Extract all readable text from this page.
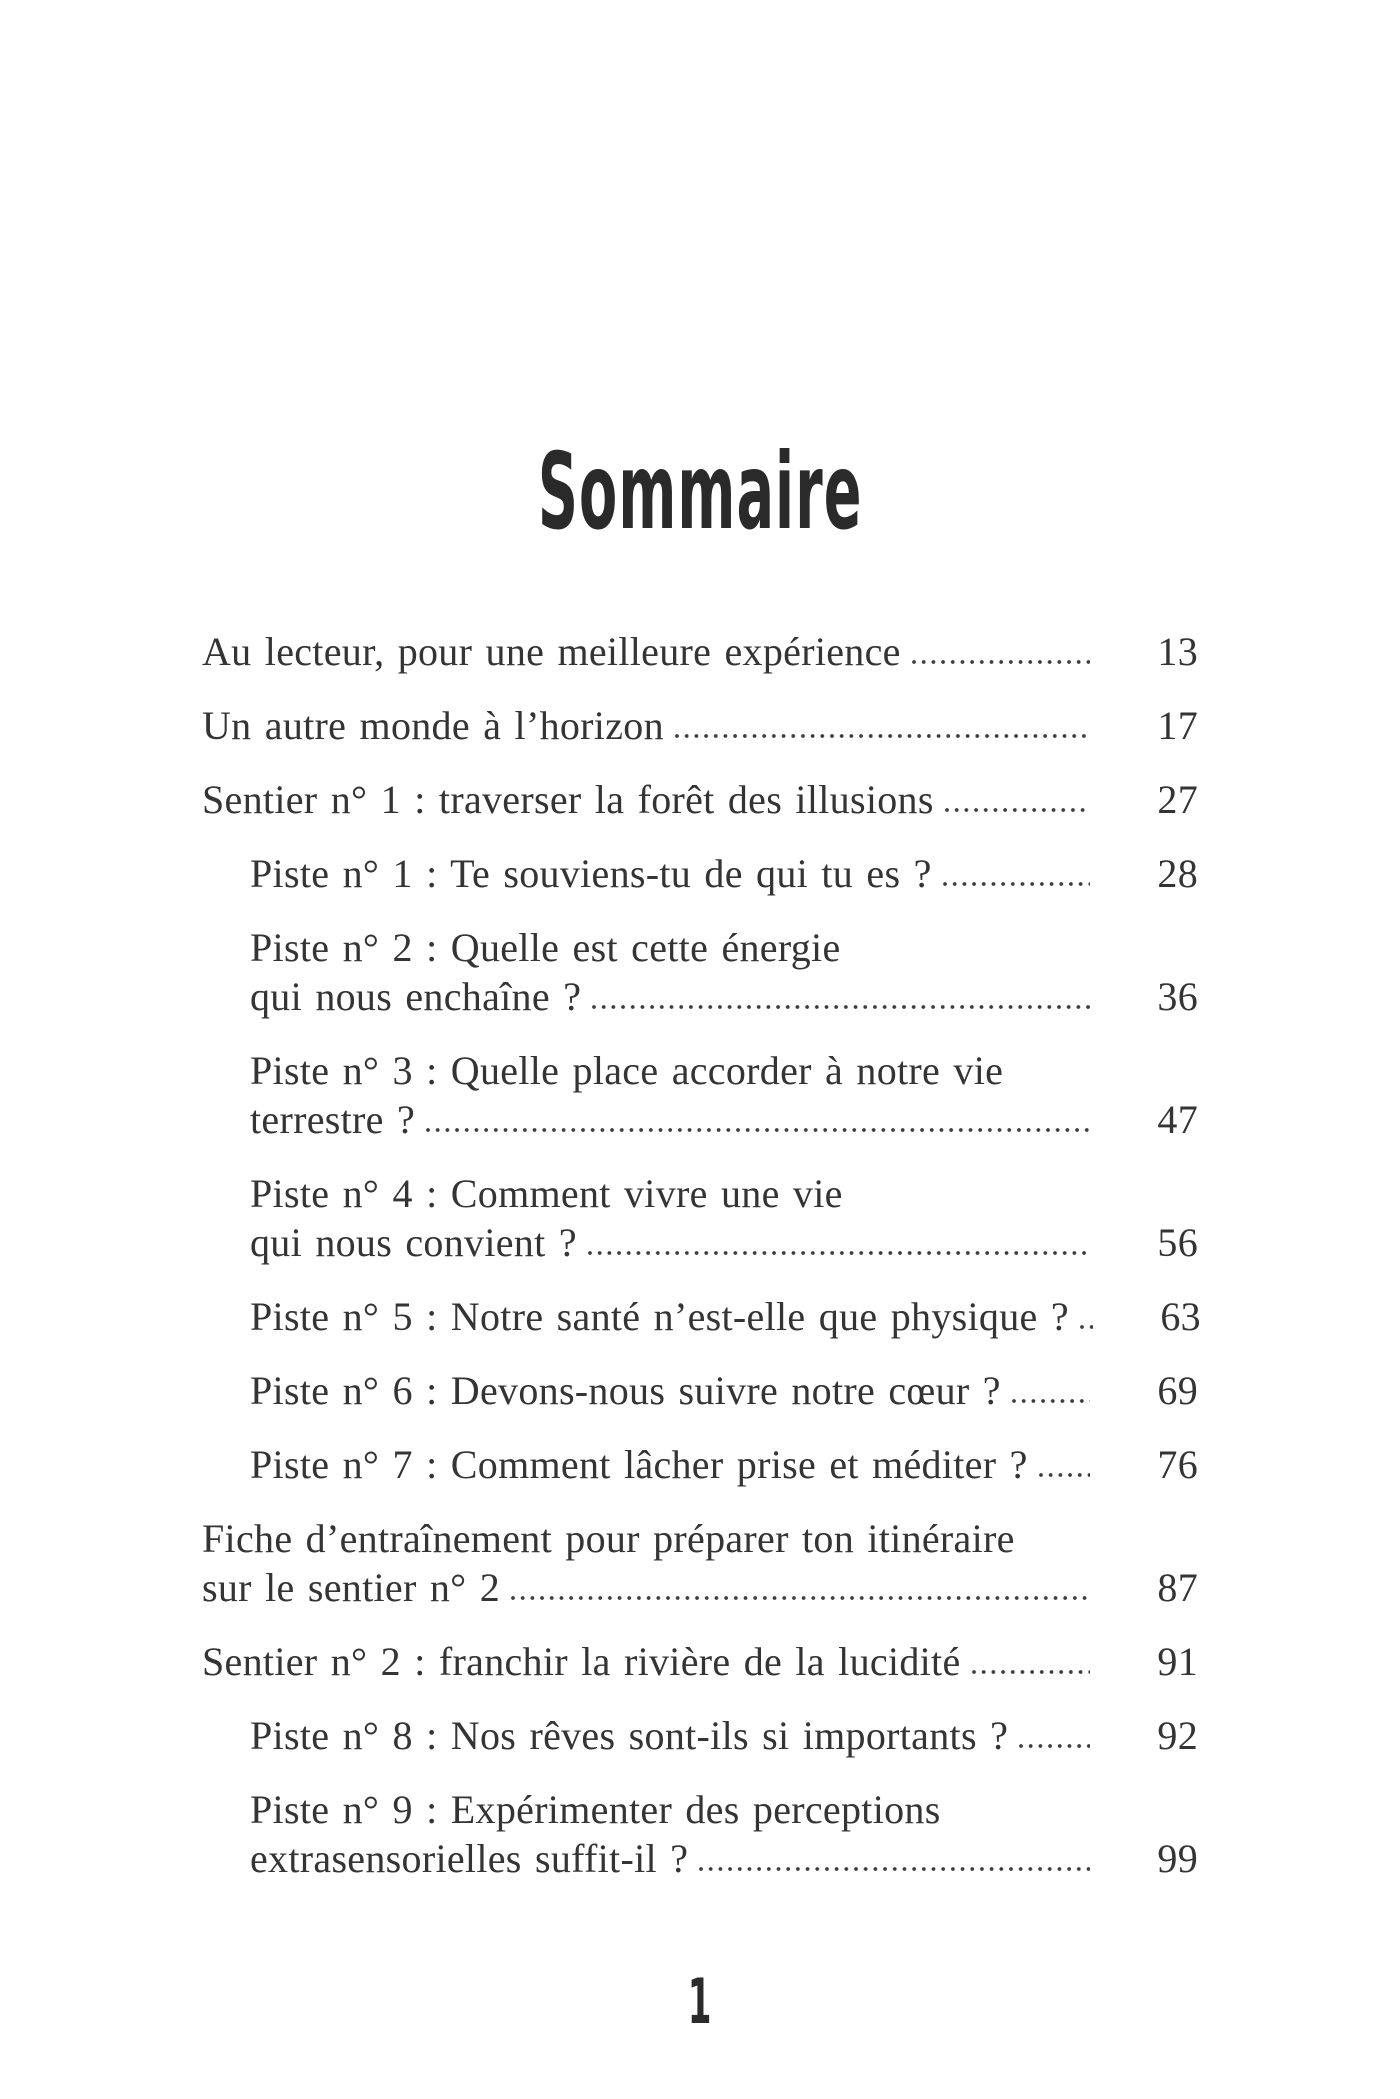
Sommaire
Au lecteur, pour une meilleure expérience	13
Un autre monde à l’horizon	17
Sentier n° 1 : traverser la forêt des illusions	27
Piste n° 1 : Te souviens-tu de qui tu es ?	28
Piste n° 2 : Quelle est cette énergie
qui nous enchaîne ?	36
Piste n° 3 : Quelle place accorder à notre vie
terrestre ?	47
Piste n° 4 : Comment vivre une vie
qui nous convient ?	56
Piste n° 5 : Notre santé n’est-elle que physique ? 63
Piste n° 6 : Devons-nous suivre notre cœur ?	69
Piste n° 7 : Comment lâcher prise et méditer ?	76
Fiche d’entraînement pour préparer ton itinéraire
sur le sentier n° 2	87
Sentier n° 2 : franchir la rivière de la lucidité	91
Piste n° 8 : Nos rêves sont-ils si importants ?	92
Piste n° 9 : Expérimenter des perceptions
extrasensorielles suffit-il ?	99
1
